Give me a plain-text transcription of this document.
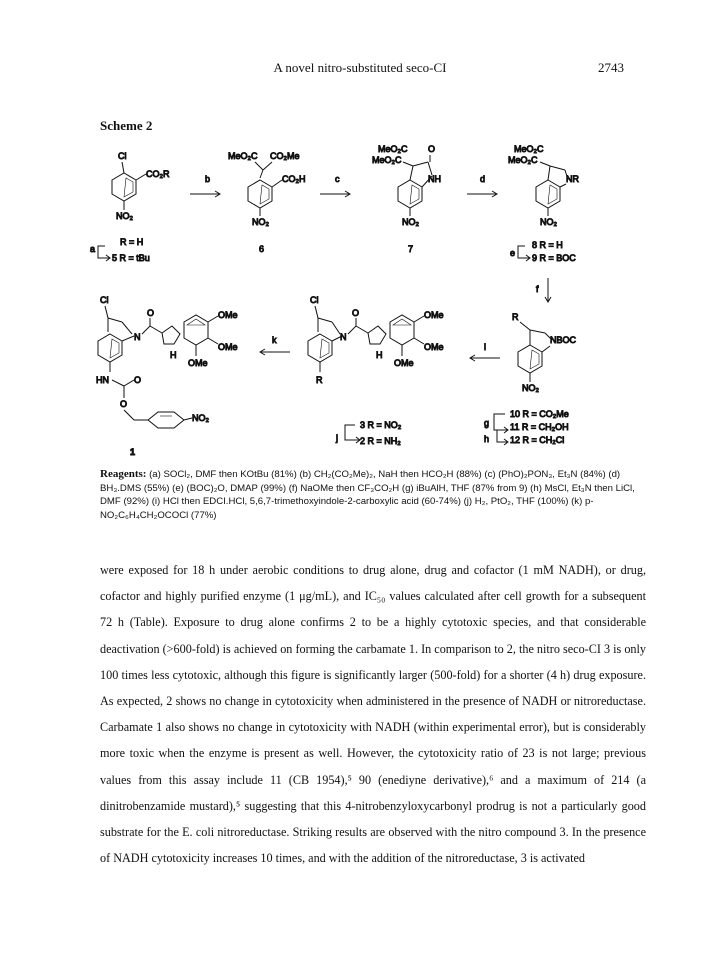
A novel nitro-substituted seco-CI	2743
Scheme 2
Cl
CO₂R
NO₂
b
MeO₂C CO₂Me
CO₂H
NO₂
6
c
MeO₂C
MeO₂C
O
NH
NO₂
7
d
MeO₂C
MeO₂C
NR
NO₂
a
R = H
5 R = tBu	e
8 R = H
9 R = BOC
f
R
NBOC
NO₂
g
h
10 R = CO₂Me
11 R = CH₂OH
12 R = CH₂Cl
i
Cl
N
O
H
OMe
OMe
OMe
R
j
3 R = NO₂
2 R = NH₂
k
Cl
N
O
H
OMe
OMe
OMe
HN	O
O
NO₂
1
Reagents: (a) SOCl₂, DMF then KOtBu (81%) (b) CH₂(CO₂Me)₂, NaH then HCO₂H (88%) (c) (PhO)₂PON₃, Et₃N (84%) (d) BH₃.DMS (55%) (e) (BOC)₂O, DMAP (99%) (f) NaOMe then CF₃CO₂H (g) iBuAlH, THF (87% from 9) (h) MsCl, Et₃N then LiCl, DMF (92%) (i) HCl then EDCI.HCl, 5,6,7-trimethoxyindole-2-carboxylic acid (60-74%) (j) H₂, PtO₂, THF (100%) (k) p-NO₂C₆H₄CH₂OCOCl (77%)

were exposed for 18 h under aerobic conditions to drug alone, drug and cofactor (1 mM NADH), or drug, cofactor and highly purified enzyme (1 μg/mL), and IC₅₀ values calculated after cell growth for a subsequent 72 h (Table). Exposure to drug alone confirms 2 to be a highly cytotoxic species, and that considerable deactivation (>600-fold) is achieved on forming the carbamate 1. In comparison to 2, the nitro seco-CI 3 is only 100 times less cytotoxic, although this figure is significantly larger (500-fold) for a shorter (4 h) drug exposure. As expected, 2 shows no change in cytotoxicity when administered in the presence of NADH or nitroreductase. Carbamate 1 also shows no change in cytotoxicity with NADH (within experimental error), but is considerably more toxic when the enzyme is present as well. However, the cytotoxicity ratio of 23 is not large; previous values from this assay include 11 (CB 1954),⁵ 90 (enediyne derivative),⁶ and a maximum of 214 (a dinitrobenzamide mustard),⁵ suggesting that this 4-nitrobenzyloxycarbonyl prodrug is not a particularly good substrate for the E. coli nitroreductase. Striking results are observed with the nitro compound 3. In the presence of NADH cytotoxicity increases 10 times, and with the addition of the nitroreductase, 3 is activated
